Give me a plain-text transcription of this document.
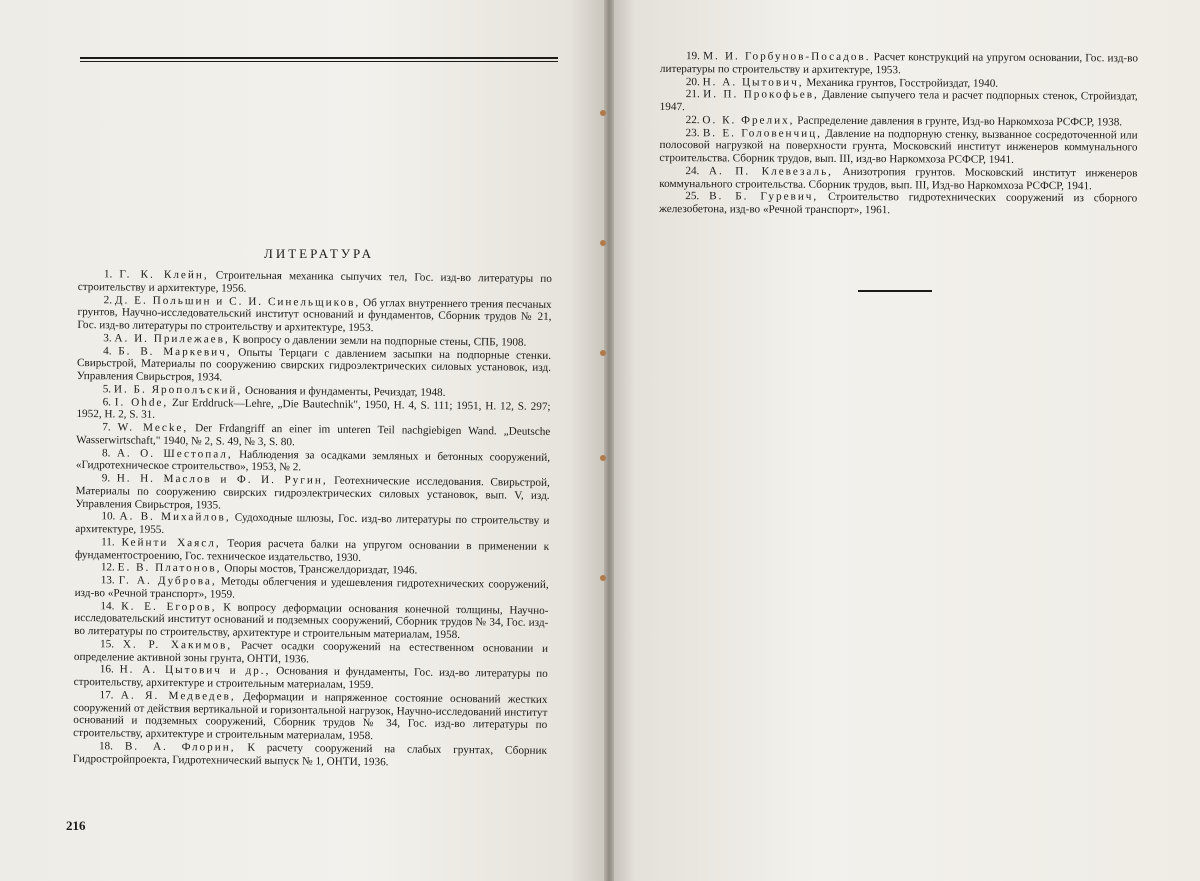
ЛИТЕРАТУРА

1. Г. К. Клейн, Строительная механика сыпучих тел, Гос. изд-во литературы по строительству и архитектуре, 1956.

2. Д. Е. Польшин и С. И. Синельщиков, Об углах внутреннего трения песчаных грунтов, Научно-исследовательский институт оснований и фундаментов, Сборник трудов № 21, Гос. изд-во литературы по строительству и архитектуре, 1953.

3. А. И. Прилежаев, К вопросу о давлении земли на подпорные стены, СПБ, 1908.

4. Б. В. Маркевич, Опыты Терцаги с давлением засыпки на подпорные стенки. Свирьстрой, Материалы по сооружению свирских гидроэлектрических силовых установок, изд. Управления Свирьстроя, 1934.

5. И. Б. Ярополъский, Основания и фундаменты, Речиздат, 1948.

6. I. Ohde, Zur Erddruck—Lehre, „Die Bautechnik", 1950, H. 4, S. 111; 1951, H. 12, S. 297; 1952, H. 2, S. 31.

7. W. Mecke, Der Frdangriff an einer im unteren Teil nachgiebigen Wand. „Deutsche Wasserwirtschaft," 1940, № 2, S. 49, № 3, S. 80.

8. А. О. Шестопал, Наблюдения за осадками земляных и бетонных сооружений, «Гидротехническое строительство», 1953, № 2.

9. Н. Н. Маслов и Ф. И. Ругин, Геотехнические исследования. Свирьстрой, Материалы по сооружению свирских гидроэлектрических силовых установок, вып. V, изд. Управления Свирьстроя, 1935.

10. А. В. Михайлов, Судоходные шлюзы, Гос. изд-во литературы по строительству и архитектуре, 1955.

11. Кейнти Хаясл, Теория расчета балки на упругом основании в применении к фундаментостроению, Гос. техническое издательство, 1930.

12. Е. В. Платонов, Опоры мостов, Трансжелдориздат, 1946.

13. Г. А. Дуброва, Методы облегчения и удешевления гидротехнических сооружений, изд-во «Речной транспорт», 1959.

14. К. Е. Егоров, К вопросу деформации основания конечной толщины, Научно-исследовательский институт оснований и подземных сооружений, Сборник трудов № 34, Гос. изд-во литературы по строительству, архитектуре и строительным материалам, 1958.

15. Х. Р. Хакимов, Расчет осадки сооружений на естественном основании и определение активной зоны грунта, ОНТИ, 1936.

16. Н. А. Цытович и др., Основания и фундаменты, Гос. изд-во литературы по строительству, архитектуре и строительным материалам, 1959.

17. А. Я. Медведев, Деформации и напряженное состояние оснований жестких сооружений от действия вертикальной и горизонтальной нагрузок, Научно-исследований институт оснований и подземных сооружений, Сборник трудов № 34, Гос. изд-во литературы по строительству, архитектуре и строительным материалам, 1958.

18. В. А. Флорин, К расчету сооружений на слабых грунтах, Сборник Гидростройпроекта, Гидротехнический выпуск № 1, ОНТИ, 1936.

216

19. М. И. Горбунов-Посадов. Расчет конструкций на упругом основании, Гос. изд-во литературы по строительству и архитектуре, 1953.

20. Н. А. Цытович, Механика грунтов, Госстройиздат, 1940.

21. И. П. Прокофьев, Давление сыпучего тела и расчет подпорных стенок, Стройиздат, 1947.

22. О. К. Фрелих, Распределение давления в грунте, Изд-во Наркомхоза РСФСР, 1938.

23. В. Е. Головенчиц, Давление на подпорную стенку, вызванное сосредоточенной или полосовой нагрузкой на поверхности грунта, Московский институт инженеров коммунального строительства. Сборник трудов, вып. III, изд-во Наркомхоза РСФСР, 1941.

24. А. П. Клевезаль, Анизотропия грунтов. Московский институт инженеров коммунального строительства. Сборник трудов, вып. III, Изд-во Наркомхоза РСФСР, 1941.

25. В. Б. Гуревич, Строительство гидротехнических сооружений из сборного железобетона, изд-во «Речной транспорт», 1961.
